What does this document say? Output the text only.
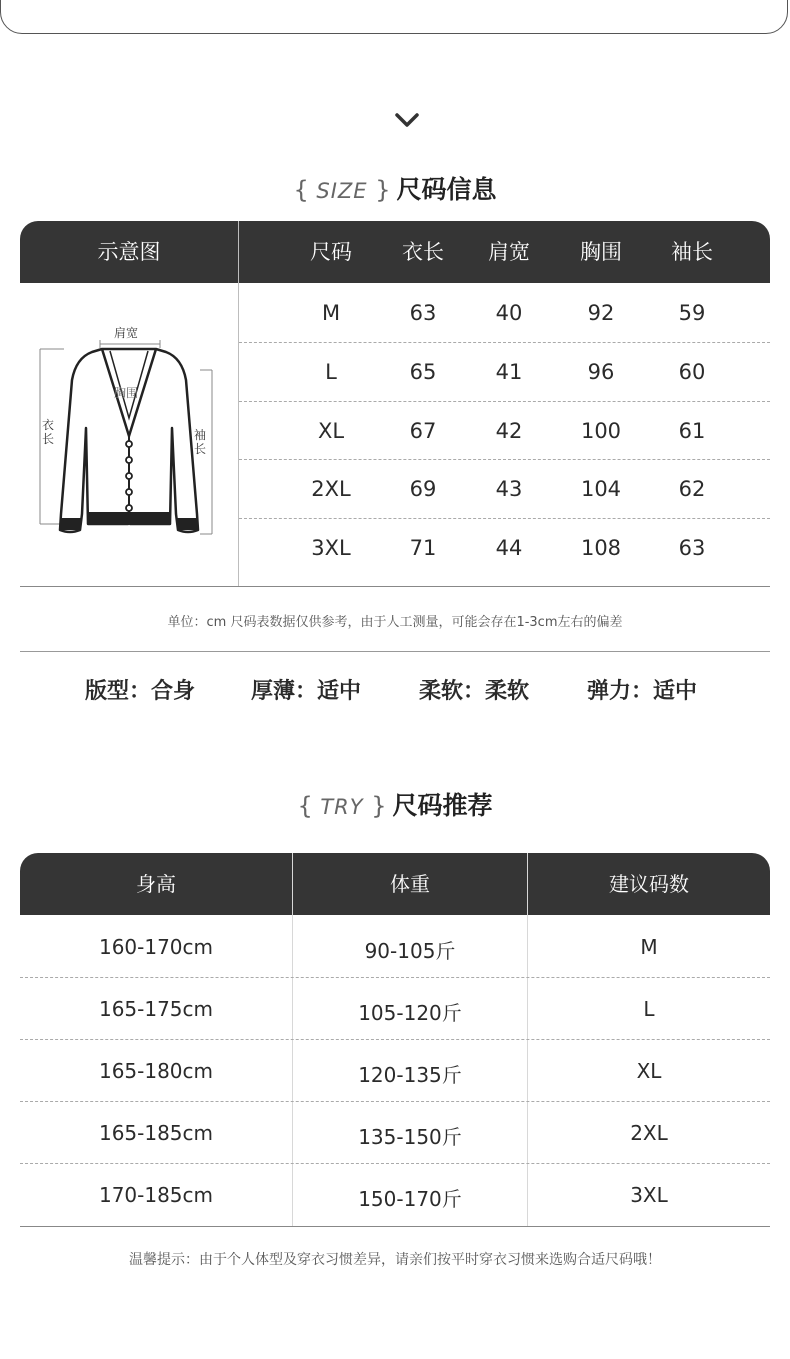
{ SIZE } 尺码信息
示意图	尺码	衣长	肩宽	胸围	袖长
肩宽
胸围
衣长	袖长
M	63	40	92	59
L	65	41	96	60
XL	67	42	100	61
2XL	69	43	104	62
3XL	71	44	108	63
单位：cm 尺码表数据仅供参考，由于人工测量，可能会存在1-3cm左右的偏差
版型：合身	厚薄：适中	柔软：柔软	弹力：适中
{ TRY } 尺码推荐
身高	体重	建议码数
160-170cm	90-105斤	M
165-175cm	105-120斤	L
165-180cm	120-135斤	XL
165-185cm	135-150斤	2XL
170-185cm	150-170斤	3XL
温馨提示：由于个人体型及穿衣习惯差异，请亲们按平时穿衣习惯来选购合适尺码哦！
